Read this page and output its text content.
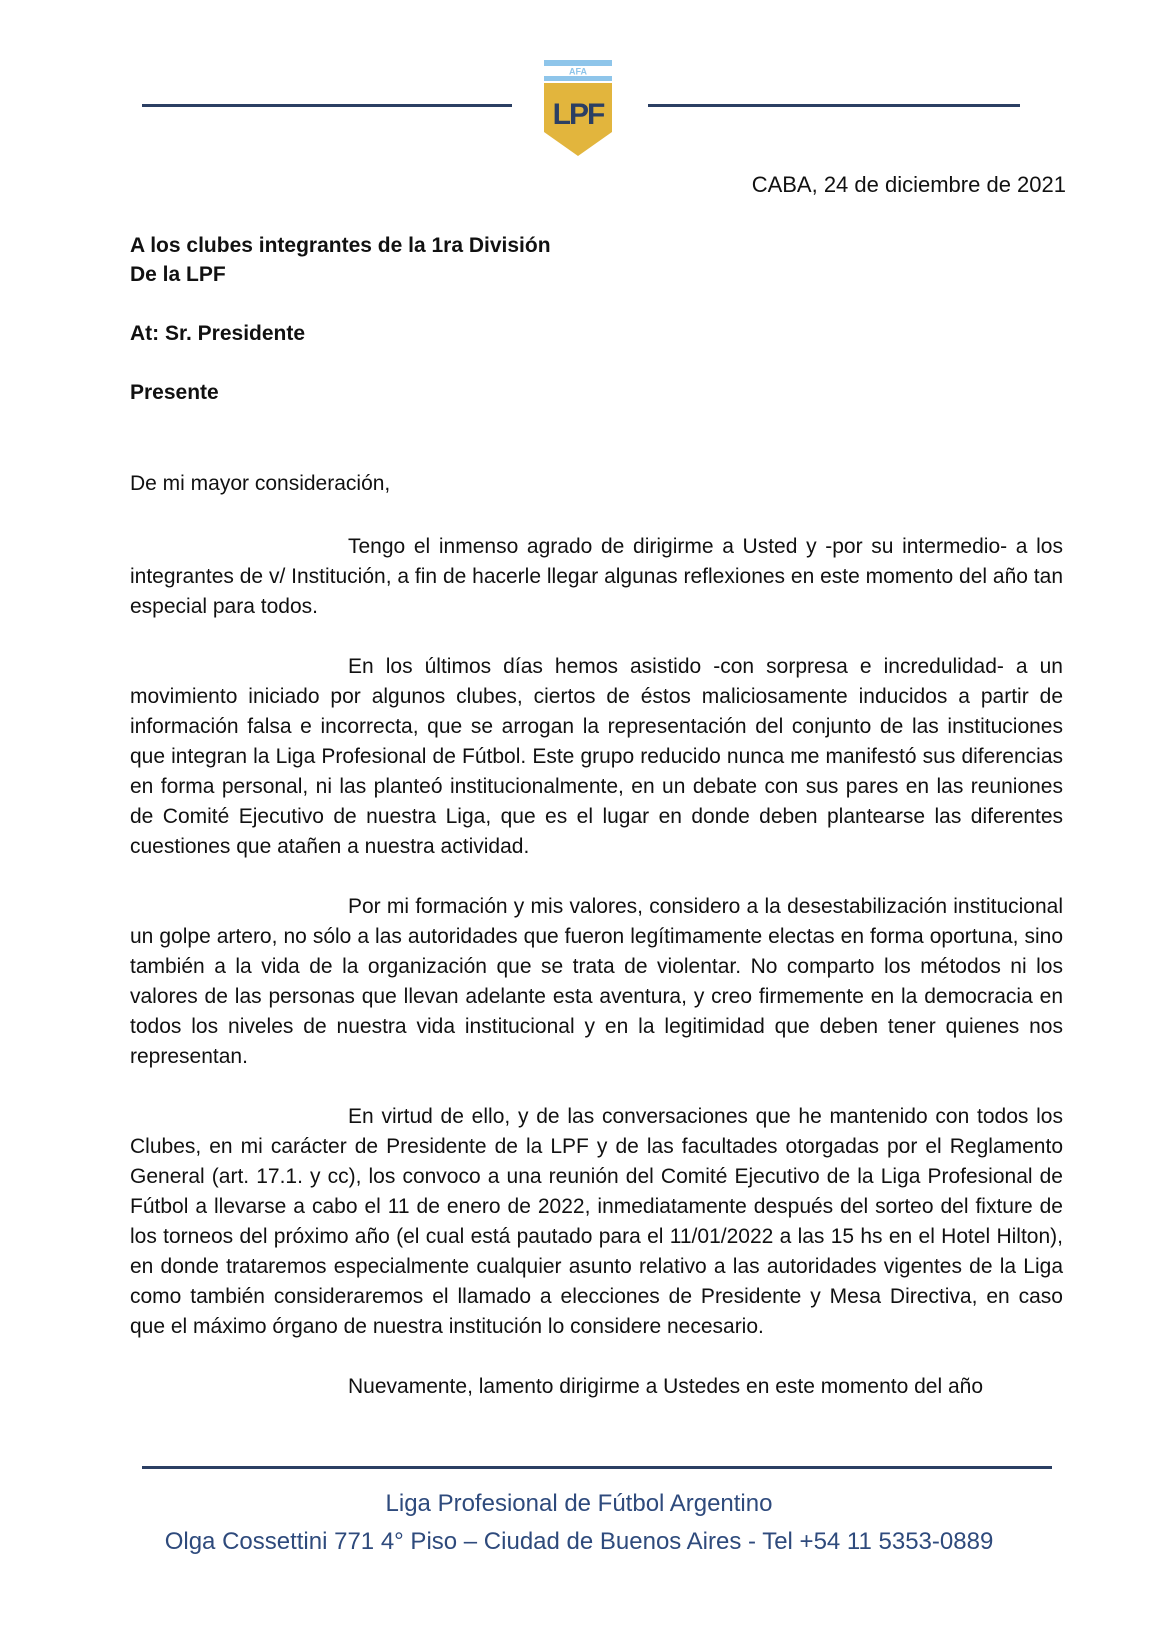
AFA
LPF
CABA, 24 de diciembre de 2021
A los clubes integrantes de la 1ra División
De la LPF
At: Sr. Presidente
Presente
De mi mayor consideración,

Tengo el inmenso agrado de dirigirme a Usted y -por su intermedio- a los integrantes de v/ Institución, a fin de hacerle llegar algunas reflexiones en este momento del año tan especial para todos.

En los últimos días hemos asistido -con sorpresa e incredulidad- a un movimiento iniciado por algunos clubes, ciertos de éstos maliciosamente inducidos a partir de información falsa e incorrecta, que se arrogan la representación del conjunto de las instituciones que integran la Liga Profesional de Fútbol. Este grupo reducido nunca me manifestó sus diferencias en forma personal, ni las planteó institucionalmente, en un debate con sus pares en las reuniones de Comité Ejecutivo de nuestra Liga, que es el lugar en donde deben plantearse las diferentes cuestiones que atañen a nuestra actividad.

Por mi formación y mis valores, considero a la desestabilización institucional un golpe artero, no sólo a las autoridades que fueron legítimamente electas en forma oportuna, sino también a la vida de la organización que se trata de violentar. No comparto los métodos ni los valores de las personas que llevan adelante esta aventura, y creo firmemente en la democracia en todos los niveles de nuestra vida institucional y en la legitimidad que deben tener quienes nos representan.

En virtud de ello, y de las conversaciones que he mantenido con todos los Clubes, en mi carácter de Presidente de la LPF y de las facultades otorgadas por el Reglamento General (art. 17.1. y cc), los convoco a una reunión del Comité Ejecutivo de la Liga Profesional de Fútbol a llevarse a cabo el 11 de enero de 2022, inmediatamente después del sorteo del fixture de los torneos del próximo año (el cual está pautado para el 11/01/2022 a las 15 hs en el Hotel Hilton), en donde trataremos especialmente cualquier asunto relativo a las autoridades vigentes de la Liga como también consideraremos el llamado a elecciones de Presidente y Mesa Directiva, en caso que el máximo órgano de nuestra institución lo considere necesario.

Nuevamente, lamento dirigirme a Ustedes en este momento del año

Liga Profesional de Fútbol Argentino
Olga Cossettini 771 4° Piso – Ciudad de Buenos Aires - Tel +54 11 5353-0889
